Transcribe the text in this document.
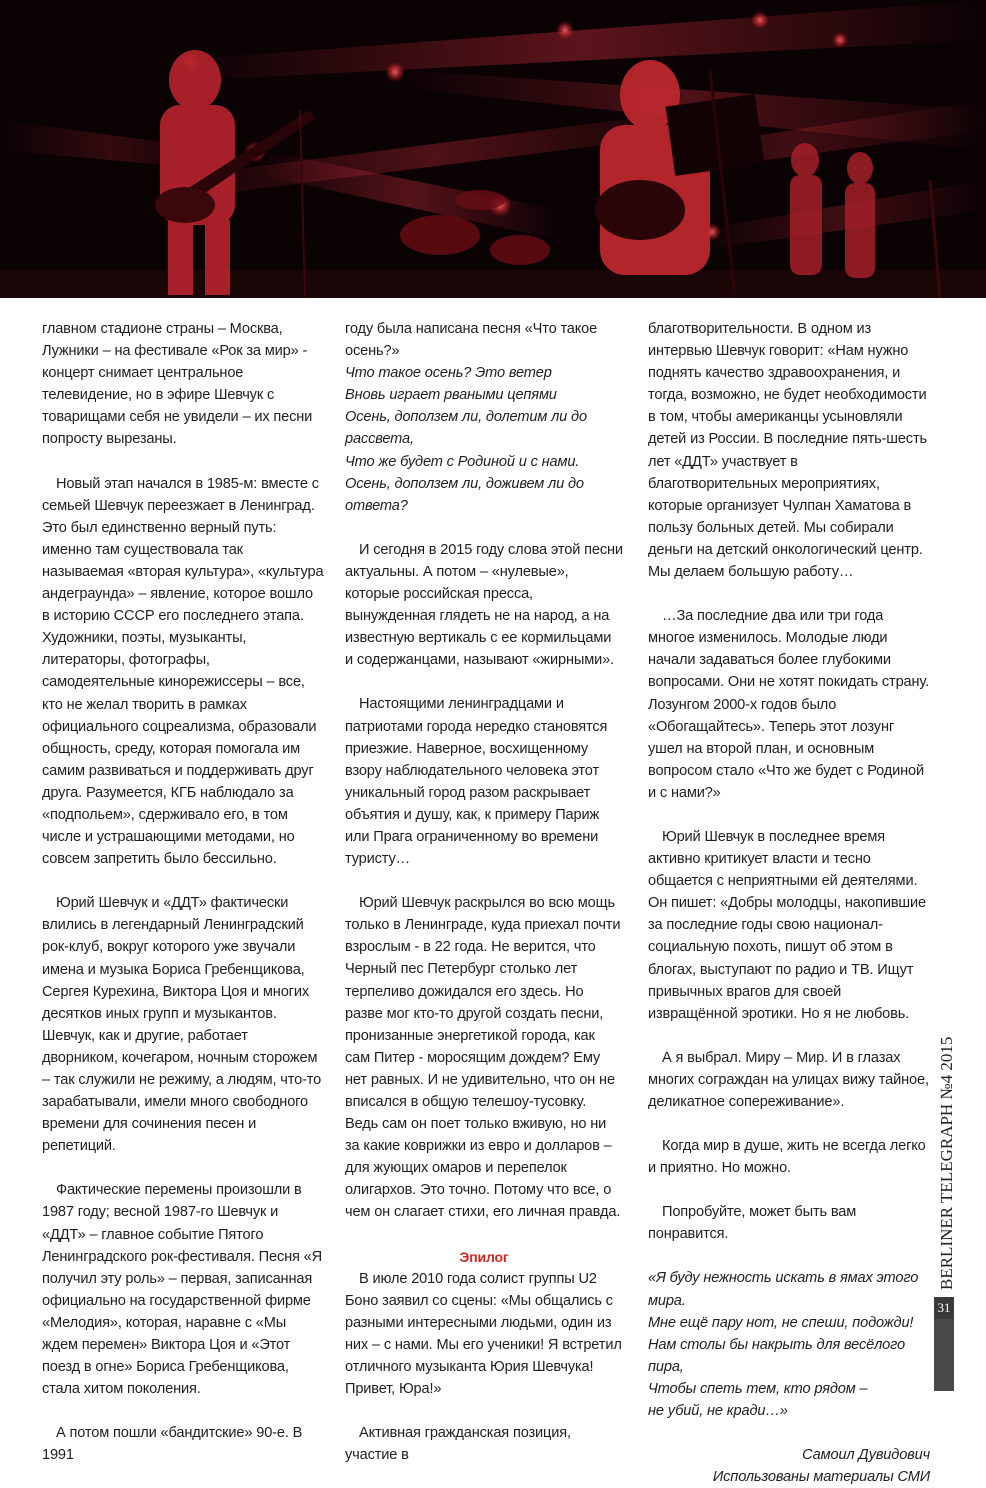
главном стадионе страны – Москва, Лужники – на фестивале «Рок за мир» - концерт снимает центральное телевидение, но в эфире Шевчук с товарищами себя не увидели – их песни попросту вырезаны.

Новый этап начался в 1985-м: вместе с семьей Шевчук переезжает в Ленинград. Это был единственно верный путь: именно там существовала так называемая «вторая культура», «культура андеграунда» – явление, которое вошло в историю СССР его последнего этапа. Художники, поэты, музыканты, литераторы, фотографы, самодеятельные кинорежиссеры – все, кто не желал творить в рамках официального соцреализма, образовали общность, среду, которая помогала им самим развиваться и поддерживать друг друга. Разумеется, КГБ наблюдало за «подпольем», сдерживало его, в том числе и устрашающими методами, но совсем запретить было бессильно.

Юрий Шевчук и «ДДТ» фактически влились в легендарный Ленинградский рок-клуб, вокруг которого уже звучали имена и музыка Бориса Гребенщикова, Сергея Курехина, Виктора Цоя и многих десятков иных групп и музыкантов. Шевчук, как и другие, работает дворником, кочегаром, ночным сторожем – так служили не режиму, а людям, что-то зарабатывали, имели много свободного времени для сочинения песен и репетиций.

Фактические перемены произошли в 1987 году; весной 1987-го Шевчук и «ДДТ» – главное событие Пятого Ленинградского рок-фестиваля. Песня «Я получил эту роль» – первая, записанная официально на государственной фирме «Мелодия», которая, наравне с «Мы ждем перемен» Виктора Цоя и «Этот поезд в огне» Бориса Гребенщикова, стала хитом поколения.

А потом пошли «бандитские» 90-е. В 1991

году была написана песня «Что такое осень?»

Что такое осень? Это ветер

Вновь играет рваными цепями

Осень, доползем ли, долетим ли до рассвета,

Что же будет с Родиной и с нами.

Осень, доползем ли, доживем ли до ответа?

И сегодня в 2015 году слова этой песни актуальны. А потом – «нулевые», которые российская пресса, вынужденная глядеть не на народ, а на известную вертикаль с ее кормильцами и содержанцами, называют «жирными».

Настоящими ленинградцами и патриотами города нередко становятся приезжие. Наверное, восхищенному взору наблюдательного человека этот уникальный город разом раскрывает объятия и душу, как, к примеру Париж или Прага ограниченному во времени туристу…

Юрий Шевчук раскрылся во всю мощь только в Ленинграде, куда приехал почти взрослым - в 22 года. Не верится, что Черный пес Петербург столько лет терпеливо дожидался его здесь. Но разве мог кто-то другой создать песни, пронизанные энергетикой города, как сам Питер - моросящим дождем? Ему нет равных. И не удивительно, что он не вписался в общую телешоу-тусовку. Ведь сам он поет только вживую, но ни за какие коврижки из евро и долларов – для жующих омаров и перепелок олигархов. Это точно. Потому что все, о чем он слагает стихи, его личная правда.

Эпилог

В июле 2010 года солист группы U2 Боно заявил со сцены: «Мы общались с разными интересными людьми, один из них – с нами. Мы его ученики! Я встретил отличного музыканта Юрия Шевчука! Привет, Юра!»

Активная гражданская позиция, участие в

благотворительности. В одном из интервью Шевчук говорит: «Нам нужно поднять качество здравоохранения, и тогда, возможно, не будет необходимости в том, чтобы американцы усыновляли детей из России. В последние пять-шесть лет «ДДТ» участвует в благотворительных мероприятиях, которые организует Чулпан Хаматова в пользу больных детей. Мы собирали деньги на детский онкологический центр. Мы делаем большую работу…

…За последние два или три года многое изменилось. Молодые люди начали задаваться более глубокими вопросами. Они не хотят покидать страну. Лозунгом 2000-х годов было «Обогащайтесь». Теперь этот лозунг ушел на второй план, и основным вопросом стало «Что же будет с Родиной и с нами?»

Юрий Шевчук в последнее время активно критикует власти и тесно общается с неприятными ей деятелями. Он пишет: «Добры молодцы, накопившие за последние годы свою национал-социальную похоть, пишут об этом в блогах, выступают по радио и ТВ. Ищут привычных врагов для своей извращённой эротики. Но я не любовь.

А я выбрал. Миру – Мир. И в глазах многих сограждан на улицах вижу тайное, деликатное сопереживание».

Когда мир в душе, жить не всегда легко и приятно. Но можно.

Попробуйте, может быть вам понравится.

«Я буду нежность искать в ямах этого мира.

Мне ещё пару нот, не спеши, подожди!

Нам столы бы накрыть для весёлого пира,

Чтобы спеть тем, кто рядом –

не убий, не кради…»

Самоил Дувидович

Использованы материалы СМИ

BERLINER TELEGRAPH №4 2015
31
